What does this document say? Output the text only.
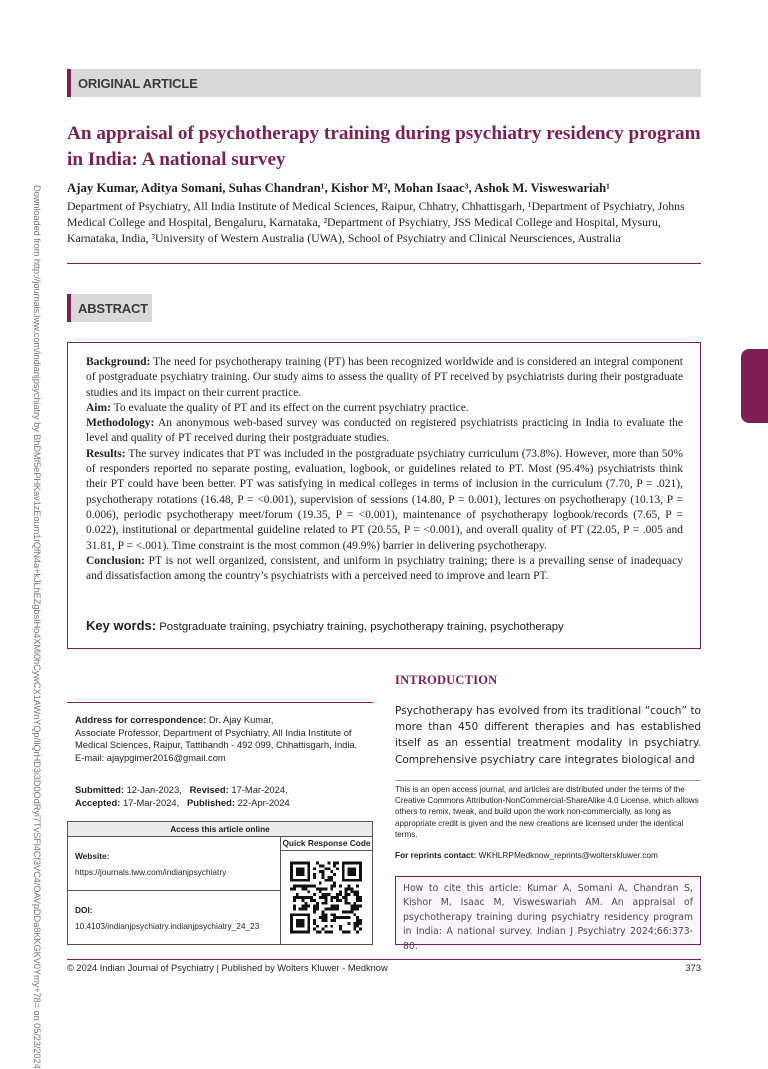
Downloaded from http://journals.lww.com/indianjpsychiatry by BhDMf5ePHKav1zEoum1tQfN4a+kJLhEZgbsIHo4XMi0hCywCX1AWnYQp/IlQrHD3i3D0OdRyi7TvSFl4Cf3VC4/OAVpDDa8KKGKV0Ymy+78= on 05/23/2024
ORIGINAL ARTICLE
An appraisal of psychotherapy training during psychiatry residency program in India: A national survey

Ajay Kumar, Aditya Somani, Suhas Chandran¹, Kishor M², Mohan Isaac³, Ashok M. Visweswariah¹

Department of Psychiatry, All India Institute of Medical Sciences, Raipur, Chhatry, Chhattisgarh, ¹Department of Psychiatry, Johns Medical College and Hospital, Bengaluru, Karnataka, ²Department of Psychiatry, JSS Medical College and Hospital, Mysuru, Karnataka, India, ³University of Western Australia (UWA), School of Psychiatry and Clinical Neursciences, Australia

ABSTRACT

Background: The need for psychotherapy training (PT) has been recognized worldwide and is considered an integral component of postgraduate psychiatry training. Our study aims to assess the quality of PT received by psychiatrists during their postgraduate studies and its impact on their current practice.

Aim: To evaluate the quality of PT and its effect on the current psychiatry practice.

Methodology: An anonymous web-based survey was conducted on registered psychiatrists practicing in India to evaluate the level and quality of PT received during their postgraduate studies.

Results: The survey indicates that PT was included in the postgraduate psychiatry curriculum (73.8%). However, more than 50% of responders reported no separate posting, evaluation, logbook, or guidelines related to PT. Most (95.4%) psychiatrists think their PT could have been better. PT was satisfying in medical colleges in terms of inclusion in the curriculum (7.70, P = .021), psychotherapy rotations (16.48, P = <0.001), supervision of sessions (14.80, P = 0.001), lectures on psychotherapy (10.13, P = 0.006), periodic psychotherapy meet/forum (19.35, P = <0.001), maintenance of psychotherapy logbook/records (7.65, P = 0.022), institutional or departmental guideline related to PT (20.55, P = <0.001), and overall quality of PT (22.05, P = .005 and 31.81, P = <.001). Time constraint is the most common (49.9%) barrier in delivering psychotherapy.

Conclusion: PT is not well organized, consistent, and uniform in psychiatry training; there is a prevailing sense of inadequacy and dissatisfaction among the country’s psychiatrists with a perceived need to improve and learn PT.

Key words: Postgraduate training, psychiatry training, psychotherapy training, psychotherapy
INTRODUCTION

Psychotherapy has evolved from its traditional “couch” to more than 450 different therapies and has established itself as an essential treatment modality in psychiatry. Comprehensive psychiatry care integrates biological and

Address for correspondence: Dr. Ajay Kumar,
Associate Professor, Department of Psychiatry, All India Institute of Medical Sciences, Raipur, Tattibandh - 492 099, Chhattisgarh, India.
E-mail: ajaypgimer2016@gmail.com
Submitted: 12-Jan-2023, Revised: 17-Mar-2024,
Accepted: 17-Mar-2024, Published: 22-Apr-2024
Access this article online
Quick Response Code
Website:
https://journals.lww.com/indianjpsychiatry
DOI:
10.4103/indianjpsychiatry.indianjpsychiatry_24_23
This is an open access journal, and articles are distributed under the terms of the Creative Commons Attribution-NonCommercial-ShareAlike 4.0 License, which allows others to remix, tweak, and build upon the work non-commercially, as long as appropriate credit is given and the new creations are licensed under the identical terms.
For reprints contact: WKHLRPMedknow_reprints@wolterskluwer.com

How to cite this article: Kumar A, Somani A, Chandran S, Kishor M, Isaac M, Visweswariah AM. An appraisal of psychotherapy training during psychiatry residency program in India: A national survey. Indian J Psychiatry 2024;66:373-80.

© 2024 Indian Journal of Psychiatry | Published by Wolters Kluwer - Medknow	373
